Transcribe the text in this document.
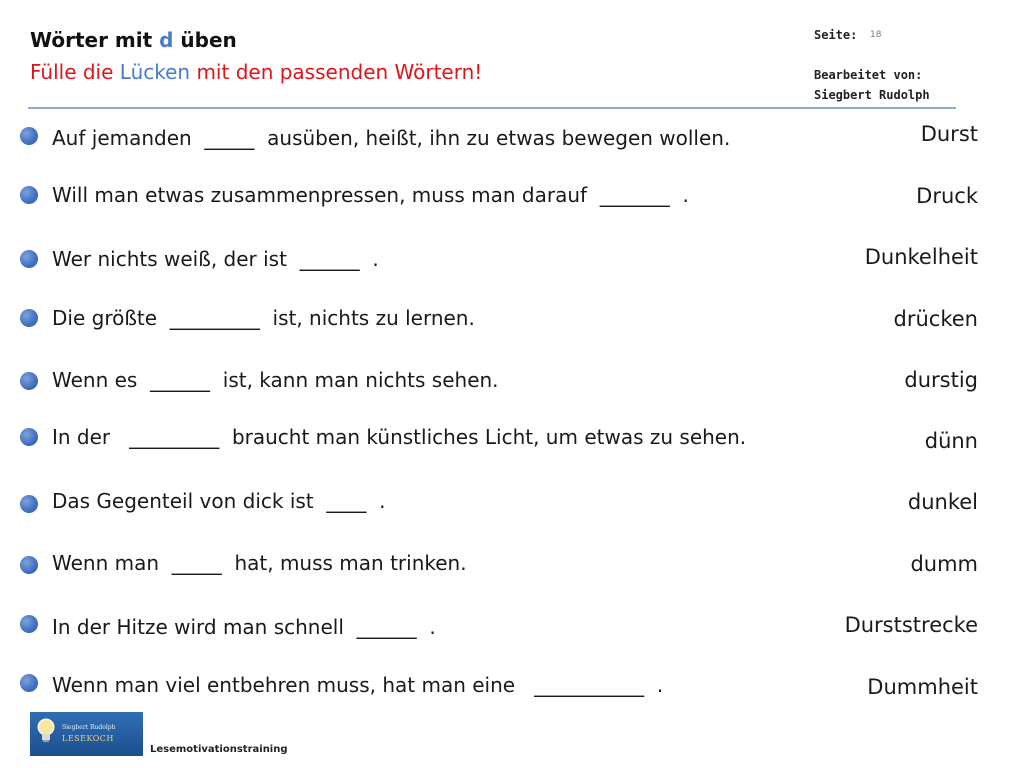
Wörter mit d üben
Fülle die Lücken mit den passenden Wörtern!
Seite: 18
Bearbeitet von:
Siegbert Rudolph
Auf jemanden  _____  ausüben, heißt, ihn zu etwas bewegen wollen.
Will man etwas zusammenpressen, muss man darauf  _______  .
Wer nichts weiß, der ist  ______  .
Die größte  _________  ist, nichts zu lernen.
Wenn es  ______  ist, kann man nichts sehen.
In der   _________  braucht man künstliches Licht, um etwas zu sehen.
Das Gegenteil von dick ist  ____  .
Wenn man  _____  hat, muss man trinken.
In der Hitze wird man schnell  ______  .
Wenn man viel entbehren muss, hat man eine   ___________  .
Durst
Druck
Dunkelheit
drücken
durstig
dünn
dunkel
dumm
Durststrecke
Dummheit
Siegbert Rudolph
LESEKOCH
Lesemotivationstraining
